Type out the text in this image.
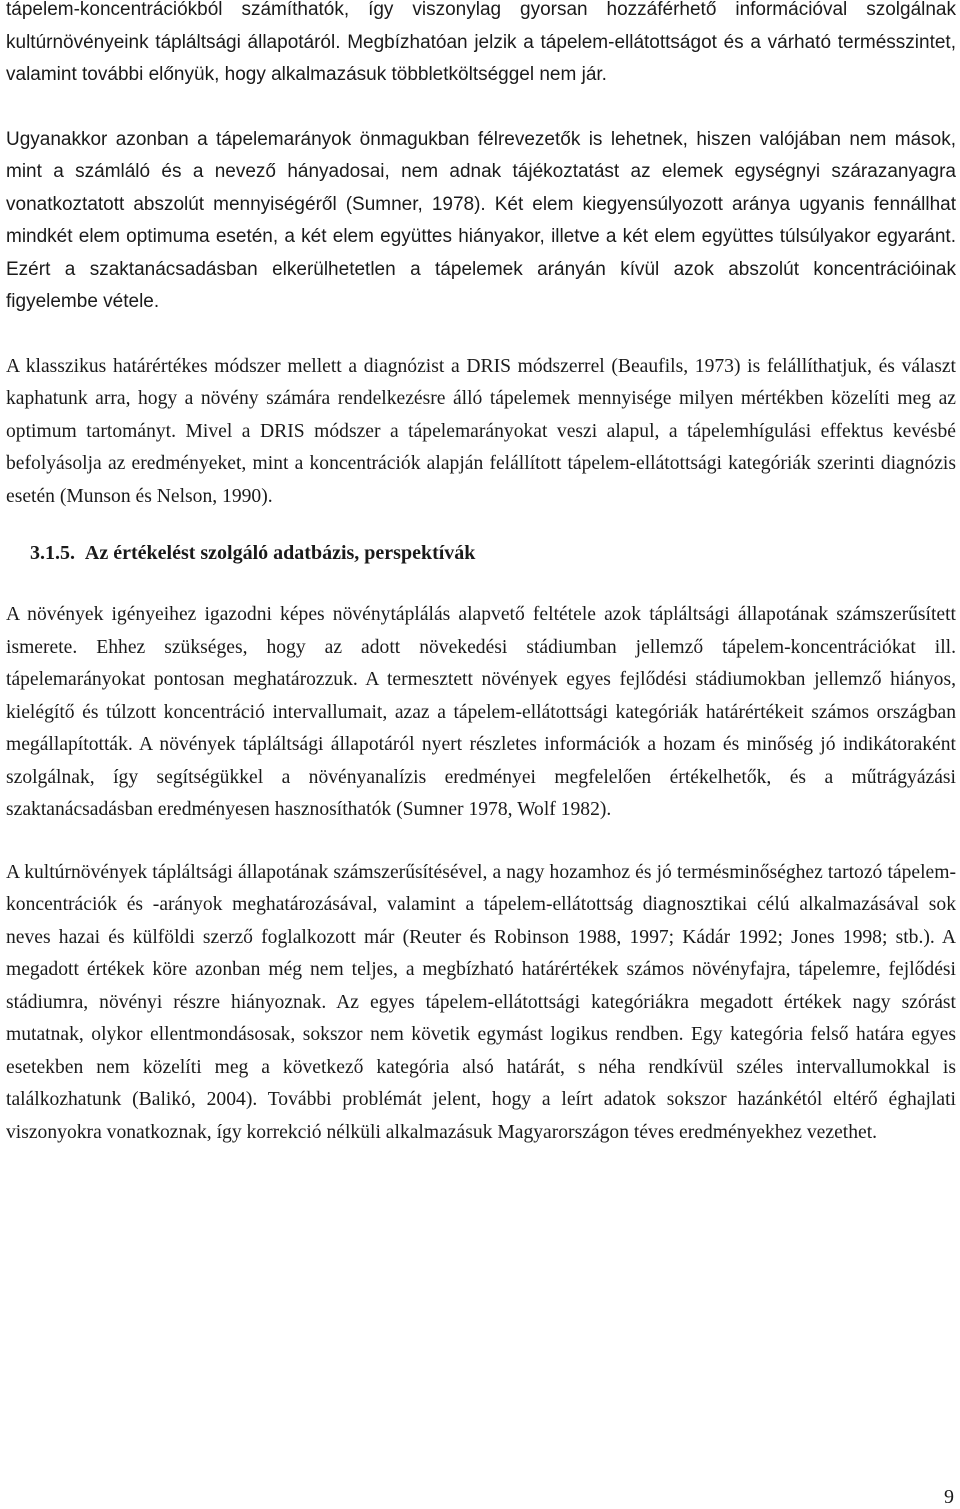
tápelem-koncentrációkból számíthatók, így viszonylag gyorsan hozzáférhető információval szolgálnak kultúrnövényeink tápláltsági állapotáról. Megbízhatóan jelzik a tápelem-ellátottságot és a várható termésszintet, valamint további előnyük, hogy alkalmazásuk többletköltséggel nem jár.

Ugyanakkor azonban a tápelemarányok önmagukban félrevezetők is lehetnek, hiszen valójában nem mások, mint a számláló és a nevező hányadosai, nem adnak tájékoztatást az elemek egységnyi szárazanyagra vonatkoztatott abszolút mennyiségéről (Sumner, 1978). Két elem kiegyensúlyozott aránya ugyanis fennállhat mindkét elem optimuma esetén, a két elem együttes hiányakor, illetve a két elem együttes túlsúlyakor egyaránt. Ezért a szaktanácsadásban elkerülhetetlen a tápelemek arányán kívül azok abszolút koncentrációinak figyelembe vétele.

A klasszikus határértékes módszer mellett a diagnózist a DRIS módszerrel (Beaufils, 1973) is felállíthatjuk, és választ kaphatunk arra, hogy a növény számára rendelkezésre álló tápelemek mennyisége milyen mértékben közelíti meg az optimum tartományt. Mivel a DRIS módszer a tápelemarányokat veszi alapul, a tápelemhígulási effektus kevésbé befolyásolja az eredményeket, mint a koncentrációk alapján felállított tápelem-ellátottsági kategóriák szerinti diagnózis esetén (Munson és Nelson, 1990).

3.1.5. Az értékelést szolgáló adatbázis, perspektívák

A növények igényeihez igazodni képes növénytáplálás alapvető feltétele azok tápláltsági állapotának számszerűsített ismerete. Ehhez szükséges, hogy az adott növekedési stádiumban jellemző tápelem-koncentrációkat ill. tápelemarányokat pontosan meghatározzuk. A termesztett növények egyes fejlődési stádiumokban jellemző hiányos, kielégítő és túlzott koncentráció intervallumait, azaz a tápelem-ellátottsági kategóriák határértékeit számos országban megállapították. A növények tápláltsági állapotáról nyert részletes információk a hozam és minőség jó indikátoraként szolgálnak, így segítségükkel a növényanalízis eredményei megfelelően értékelhetők, és a műtrágyázási szaktanácsadásban eredményesen hasznosíthatók (Sumner 1978, Wolf 1982).

A kultúrnövények tápláltsági állapotának számszerűsítésével, a nagy hozamhoz és jó termésminőséghez tartozó tápelem-koncentrációk és -arányok meghatározásával, valamint a tápelem-ellátottság diagnosztikai célú alkalmazásával sok neves hazai és külföldi szerző foglalkozott már (Reuter és Robinson 1988, 1997; Kádár 1992; Jones 1998; stb.). A megadott értékek köre azonban még nem teljes, a megbízható határértékek számos növényfajra, tápelemre, fejlődési stádiumra, növényi részre hiányoznak. Az egyes tápelem-ellátottsági kategóriákra megadott értékek nagy szórást mutatnak, olykor ellentmondásosak, sokszor nem követik egymást logikus rendben. Egy kategória felső határa egyes esetekben nem közelíti meg a következő kategória alsó határát, s néha rendkívül széles intervallumokkal is találkozhatunk (Balikó, 2004). További problémát jelent, hogy a leírt adatok sokszor hazánkétól eltérő éghajlati viszonyokra vonatkoznak, így korrekció nélküli alkalmazásuk Magyarországon téves eredményekhez vezethet.

9
